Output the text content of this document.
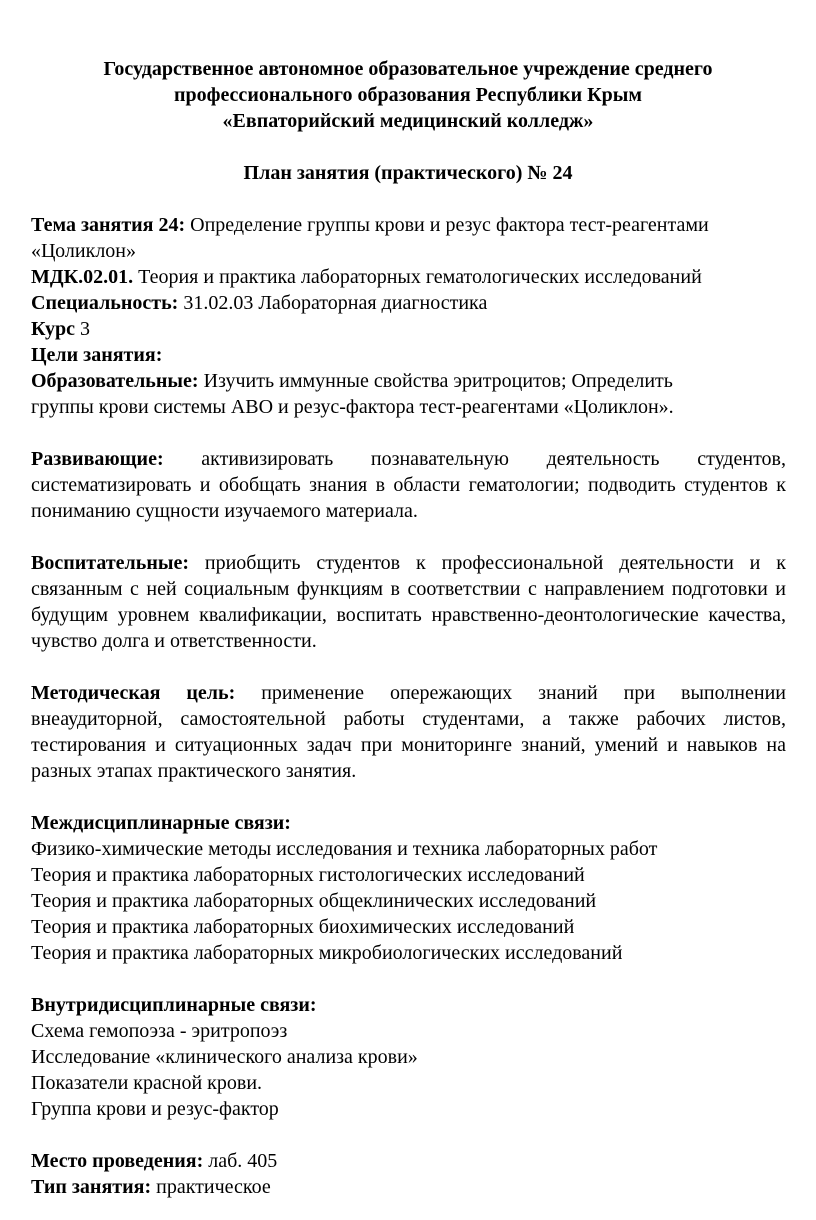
Государственное автономное образовательное учреждение среднего
профессионального образования Республики Крым
«Евпаторийский медицинский колледж»
План занятия (практического) № 24
Тема занятия 24: Определение группы крови и резус фактора тест-реагентами
«Цоликлон»
МДК.02.01. Теория и практика лабораторных гематологических исследований
Специальность: 31.02.03 Лабораторная диагностика
Курс 3
Цели занятия:
Образовательные: Изучить иммунные свойства эритроцитов; Определить
группы крови системы АВО и резус-фактора тест-реагентами «Цоликлон».
Развивающие: активизировать познавательную деятельность студентов, систематизировать и обобщать знания в области гематологии; подводить студентов к пониманию сущности изучаемого материала.
Воспитательные: приобщить студентов к профессиональной деятельности и к связанным с ней социальным функциям в соответствии с направлением подготовки и будущим уровнем квалификации, воспитать нравственно-деонтологические качества, чувство долга и ответственности.
Методическая цель: применение опережающих знаний при выполнении внеаудиторной, самостоятельной работы студентами, а также рабочих листов, тестирования и ситуационных задач при мониторинге знаний, умений и навыков на разных этапах практического занятия.
Междисциплинарные связи:
Физико-химические методы исследования и техника лабораторных работ
Теория и практика лабораторных гистологических исследований
Теория и практика лабораторных общеклинических исследований
Теория и практика лабораторных биохимических исследований
Теория и практика лабораторных микробиологических исследований
Внутридисциплинарные связи:
Схема гемопоэза - эритропоэз
Исследование «клинического анализа крови»
Показатели красной крови.
Группа крови и резус-фактор
Место проведения: лаб. 405
Тип занятия: практическое
